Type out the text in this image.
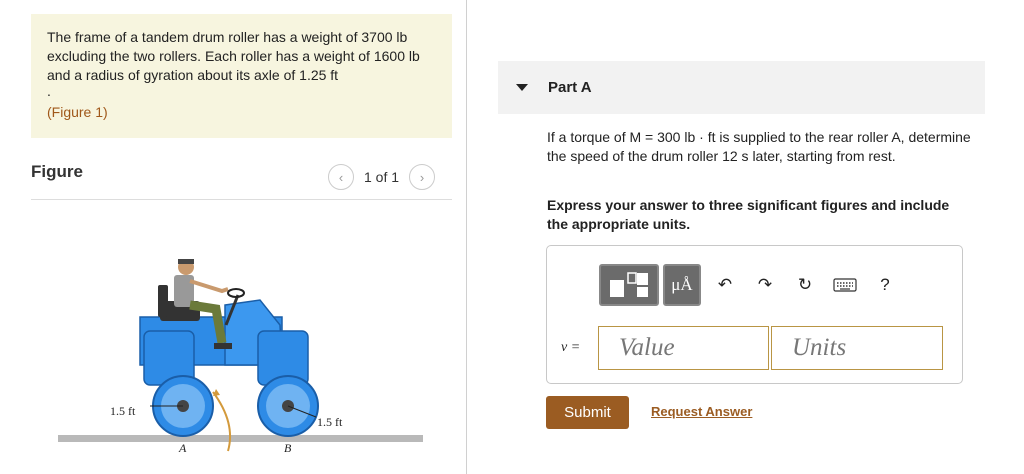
The frame of a tandem drum roller has a weight of 3700 lb excluding the two rollers. Each roller has a weight of 1600 lb and a radius of gyration about its axle of 1.25 ft
.
(Figure 1)
Figure	‹	1 of 1	›
1.5 ft
1.5 ft
A	B
Part A
If a torque of M = 300 lb · ft is supplied to the rear roller A, determine the speed of the drum roller 12 s later, starting from rest.
Express your answer to three significant figures and include the appropriate units.
μÅ	↶	↷	↻	?
v =	Value	Units
Submit	Request Answer
